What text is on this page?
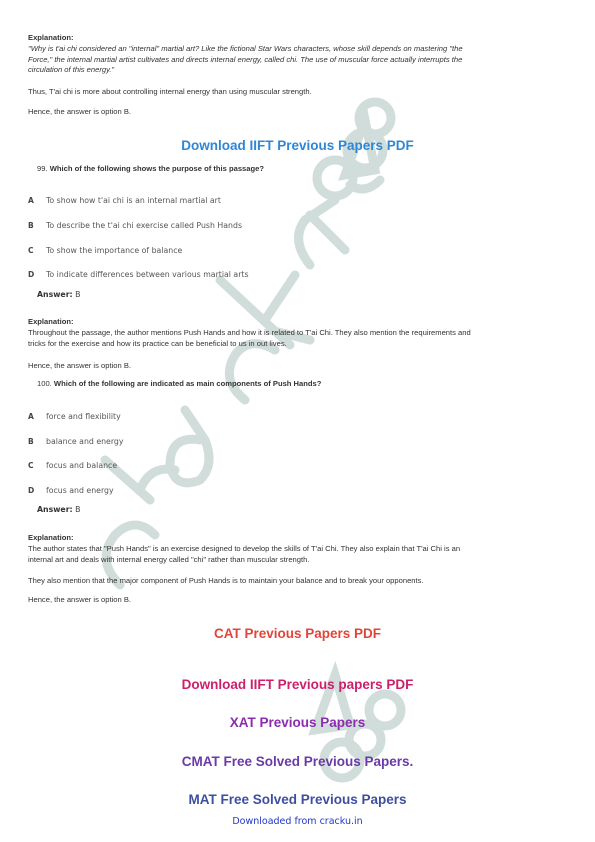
Explanation:
"Why is t'ai chi considered an "internal" martial art? Like the fictional Star Wars characters, whose skill depends on mastering "the
Force," the internal martial artist cultivates and directs internal energy, called chi. The use of muscular force actually interrupts the
circulation of this energy."
Thus, T'ai chi is more about controlling internal energy than using muscular strength.
Hence, the answer is option B.
Download IIFT Previous Papers PDF
99. Which of the following shows the purpose of this passage?
A	To show how t'ai chi is an internal martial art
B	To describe the t'ai chi exercise called Push Hands
C	To show the importance of balance
D	To indicate differences between various martial arts
Answer: B
Explanation:
Throughout the passage, the author mentions Push Hands and how it is related to T'ai Chi. They also mention the requirements and
tricks for the exercise and how its practice can be beneficial to us in out lives.
Hence, the answer is option B.
100. Which of the following are indicated as main components of Push Hands?
A	force and flexibility
B	balance and energy
C	focus and balance
D	focus and energy
Answer: B
Explanation:
The author states that "Push Hands" is an exercise designed to develop the skills of T'ai Chi. They also explain that T'ai Chi is an
internal art and deals with internal energy called "chi" rather than muscular strength.
They also mention that the major component of Push Hands is to maintain your balance and to break your opponents.
Hence, the answer is option B.
CAT Previous Papers PDF
Download IIFT Previous papers PDF
XAT Previous Papers
CMAT Free Solved Previous Papers.
MAT Free Solved Previous Papers
Downloaded from cracku.in
